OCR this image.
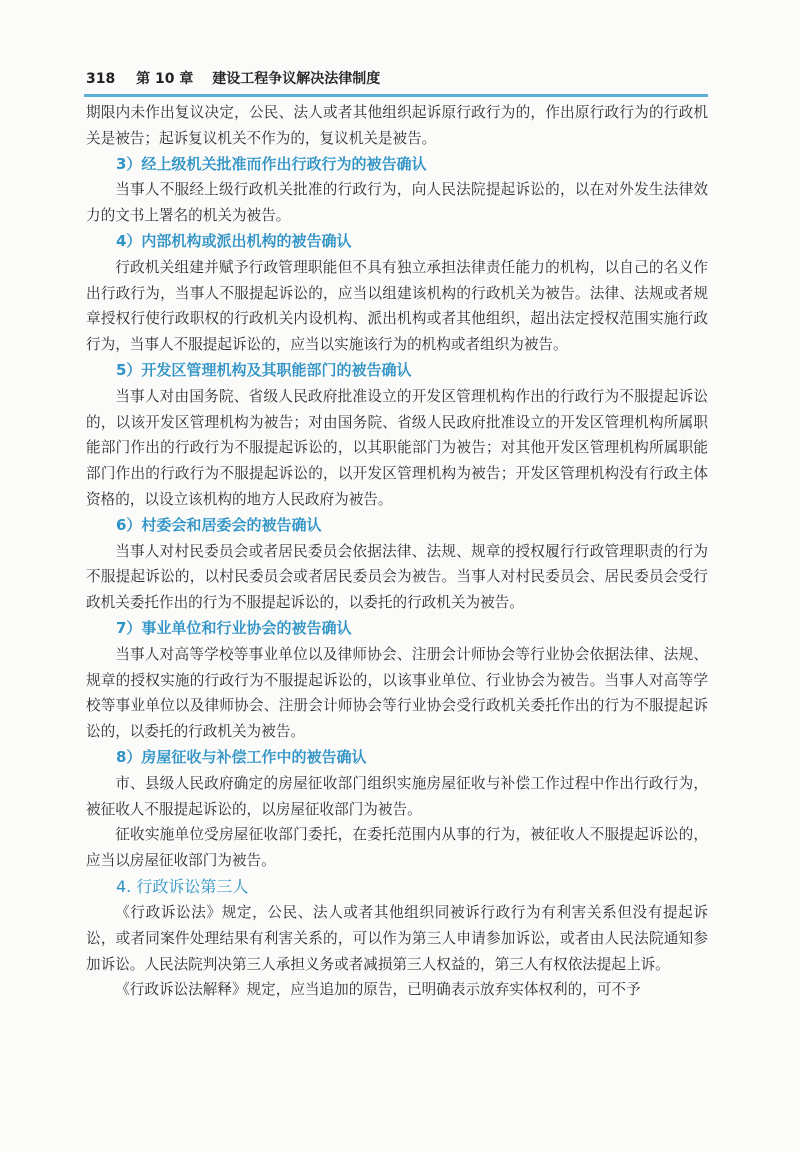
318 第 10 章 建设工程争议解决法律制度

期限内未作出复议决定，公民、法人或者其他组织起诉原行政行为的，作出原行政行为的行政机关是被告；起诉复议机关不作为的，复议机关是被告。

3）经上级机关批准而作出行政行为的被告确认

当事人不服经上级行政机关批准的行政行为，向人民法院提起诉讼的，以在对外发生法律效力的文书上署名的机关为被告。

4）内部机构或派出机构的被告确认

行政机关组建并赋予行政管理职能但不具有独立承担法律责任能力的机构，以自己的名义作出行政行为，当事人不服提起诉讼的，应当以组建该机构的行政机关为被告。法律、法规或者规章授权行使行政职权的行政机关内设机构、派出机构或者其他组织，超出法定授权范围实施行政行为，当事人不服提起诉讼的，应当以实施该行为的机构或者组织为被告。

5）开发区管理机构及其职能部门的被告确认

当事人对由国务院、省级人民政府批准设立的开发区管理机构作出的行政行为不服提起诉讼的，以该开发区管理机构为被告；对由国务院、省级人民政府批准设立的开发区管理机构所属职能部门作出的行政行为不服提起诉讼的，以其职能部门为被告；对其他开发区管理机构所属职能部门作出的行政行为不服提起诉讼的，以开发区管理机构为被告；开发区管理机构没有行政主体资格的，以设立该机构的地方人民政府为被告。

6）村委会和居委会的被告确认

当事人对村民委员会或者居民委员会依据法律、法规、规章的授权履行行政管理职责的行为不服提起诉讼的，以村民委员会或者居民委员会为被告。当事人对村民委员会、居民委员会受行政机关委托作出的行为不服提起诉讼的，以委托的行政机关为被告。

7）事业单位和行业协会的被告确认

当事人对高等学校等事业单位以及律师协会、注册会计师协会等行业协会依据法律、法规、规章的授权实施的行政行为不服提起诉讼的，以该事业单位、行业协会为被告。当事人对高等学校等事业单位以及律师协会、注册会计师协会等行业协会受行政机关委托作出的行为不服提起诉讼的，以委托的行政机关为被告。

8）房屋征收与补偿工作中的被告确认

市、县级人民政府确定的房屋征收部门组织实施房屋征收与补偿工作过程中作出行政行为，被征收人不服提起诉讼的，以房屋征收部门为被告。

征收实施单位受房屋征收部门委托，在委托范围内从事的行为，被征收人不服提起诉讼的，应当以房屋征收部门为被告。

4. 行政诉讼第三人

《行政诉讼法》规定，公民、法人或者其他组织同被诉行政行为有利害关系但没有提起诉讼，或者同案件处理结果有利害关系的，可以作为第三人申请参加诉讼，或者由人民法院通知参加诉讼。人民法院判决第三人承担义务或者减损第三人权益的，第三人有权依法提起上诉。

《行政诉讼法解释》规定，应当追加的原告，已明确表示放弃实体权利的，可不予
